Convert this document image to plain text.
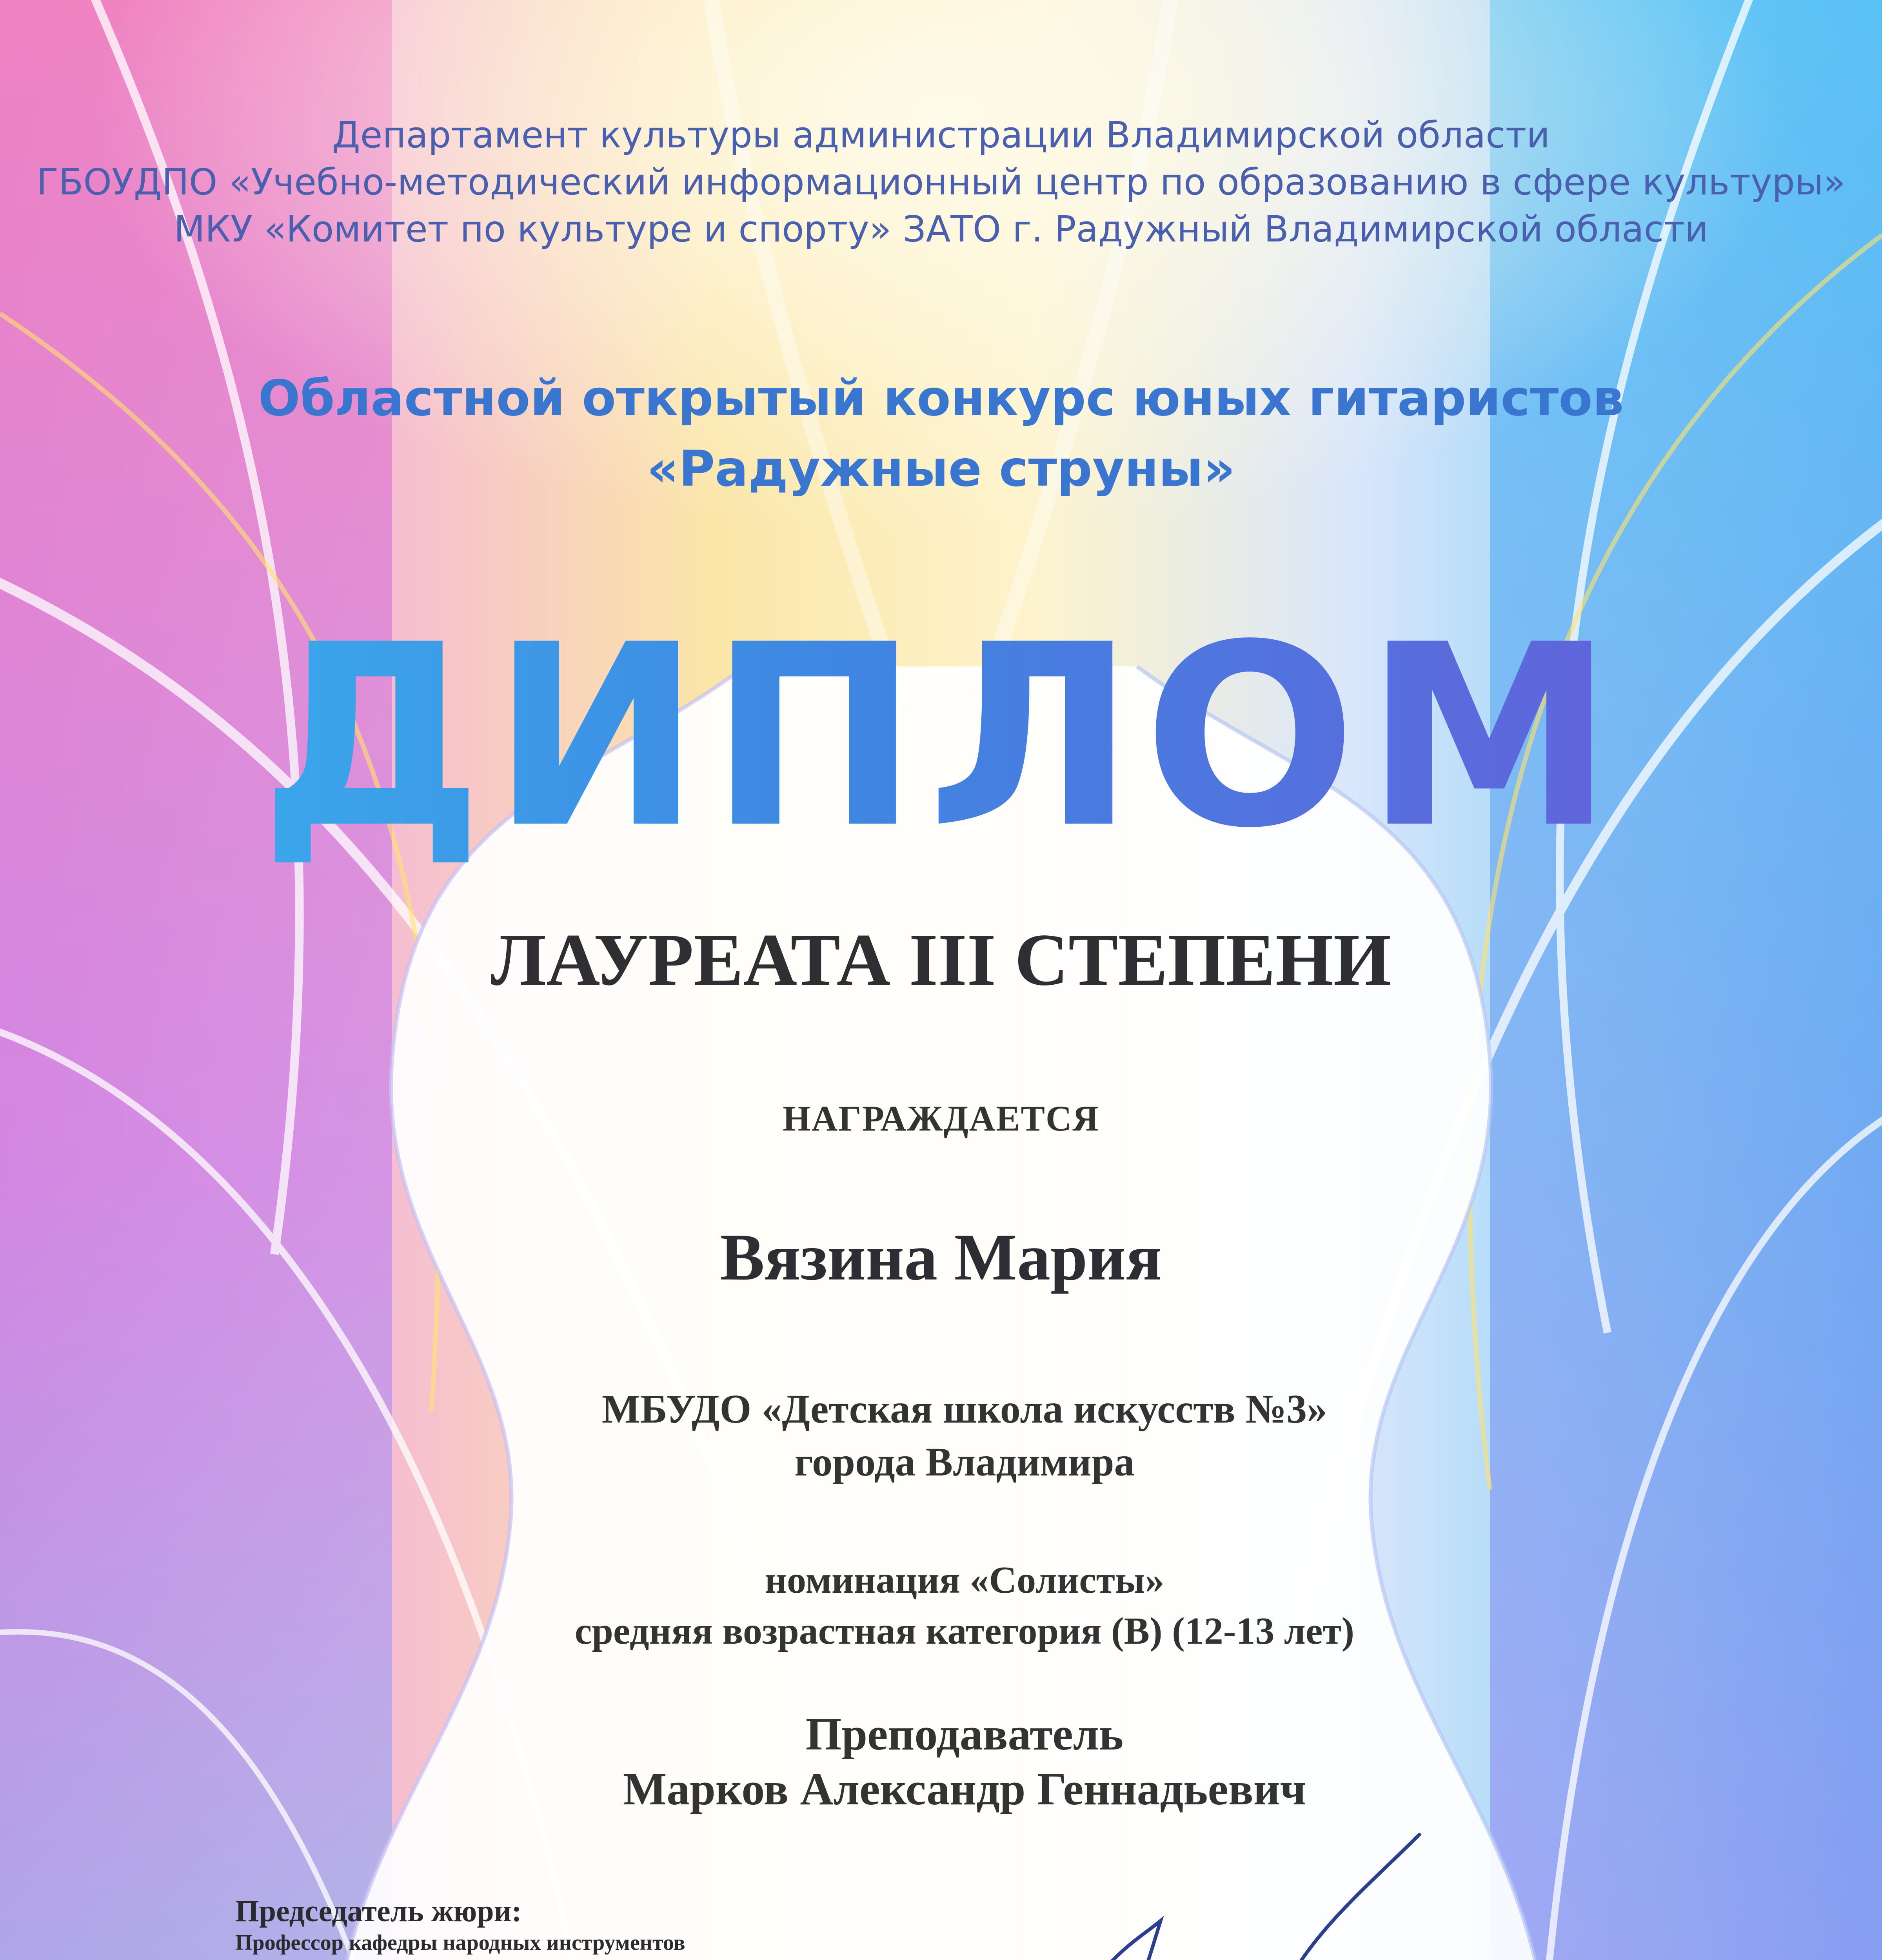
Департамент культуры администрации Владимирской области
ГБОУДПО «Учебно-методический информационный центр по образованию в сфере культуры»
МКУ «Комитет по культуре и спорту» ЗАТО г. Радужный Владимирской области
Областной открытый конкурс юных гитаристов
«Радужные струны»
ДИПЛОМ
ЛАУРЕАТА III СТЕПЕНИ
НАГРАЖДАЕТСЯ
Вязина Мария
МБУДО «Детская школа искусств №3»
города Владимира
номинация «Солисты»
средняя возрастная категория (В) (12-13 лет)
Преподаватель
Марков Александр Геннадьевич
Председатель жюри:
Профессор кафедры народных инструментов
